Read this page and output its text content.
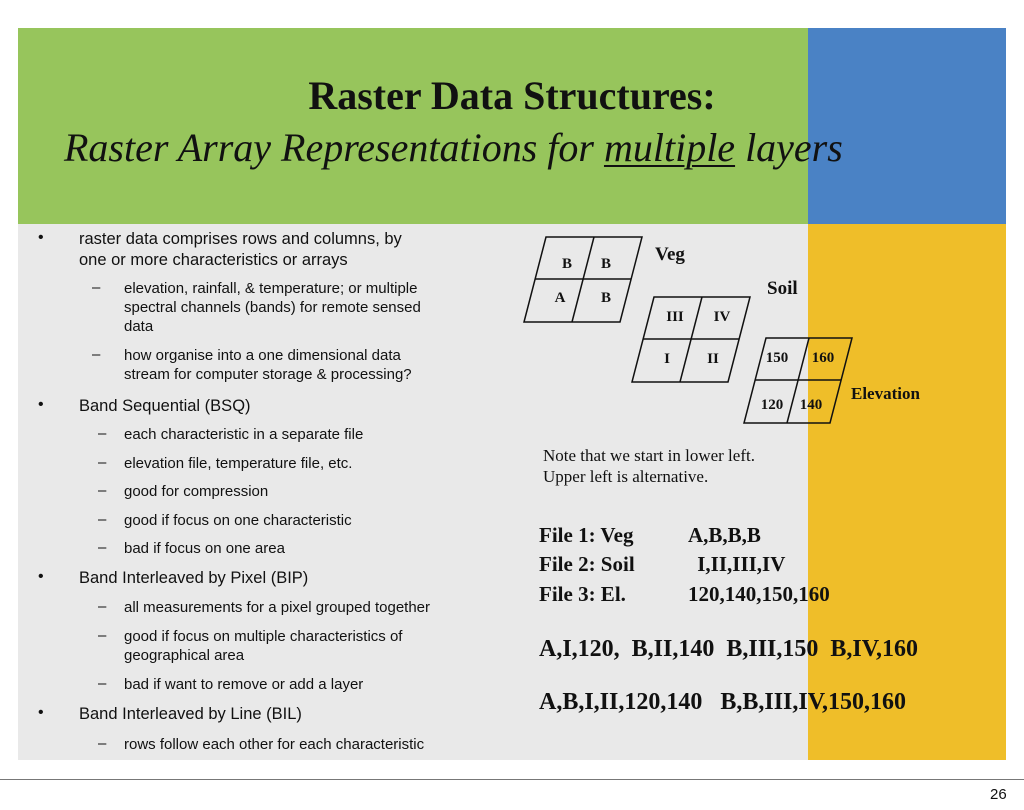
Raster Data Structures:
Raster Array Representations for multiple layers
• raster data comprises rows and columns, by
one or more characteristics or arrays
– elevation, rainfall, & temperature; or multiple
spectral channels (bands) for remote sensed
data
– how organise into a one dimensional data
stream for computer storage & processing?
• Band Sequential (BSQ)
– each characteristic in a separate file
– elevation file, temperature file, etc.
– good for compression
– good if focus on one characteristic
– bad if focus on one area
• Band Interleaved by Pixel (BIP)
– all measurements for a pixel grouped together
– good if focus on multiple characteristics of
geographical area
– bad if want to remove or add a layer
• Band Interleaved by Line (BIL)
– rows follow each other for each characteristic
B	B
A	B
Veg
III	IV
I	II
Soil
150 160
120 140
Elevation
Note that we start in lower left.
Upper left is alternative.
File 1: Veg	A,B,B,B
File 2: Soil	I,II,III,IV
File 3: El.	120,140,150,160
A,I,120,  B,II,140  B,III,150  B,IV,160
A,B,I,II,120,140   B,B,III,IV,150,160
26
